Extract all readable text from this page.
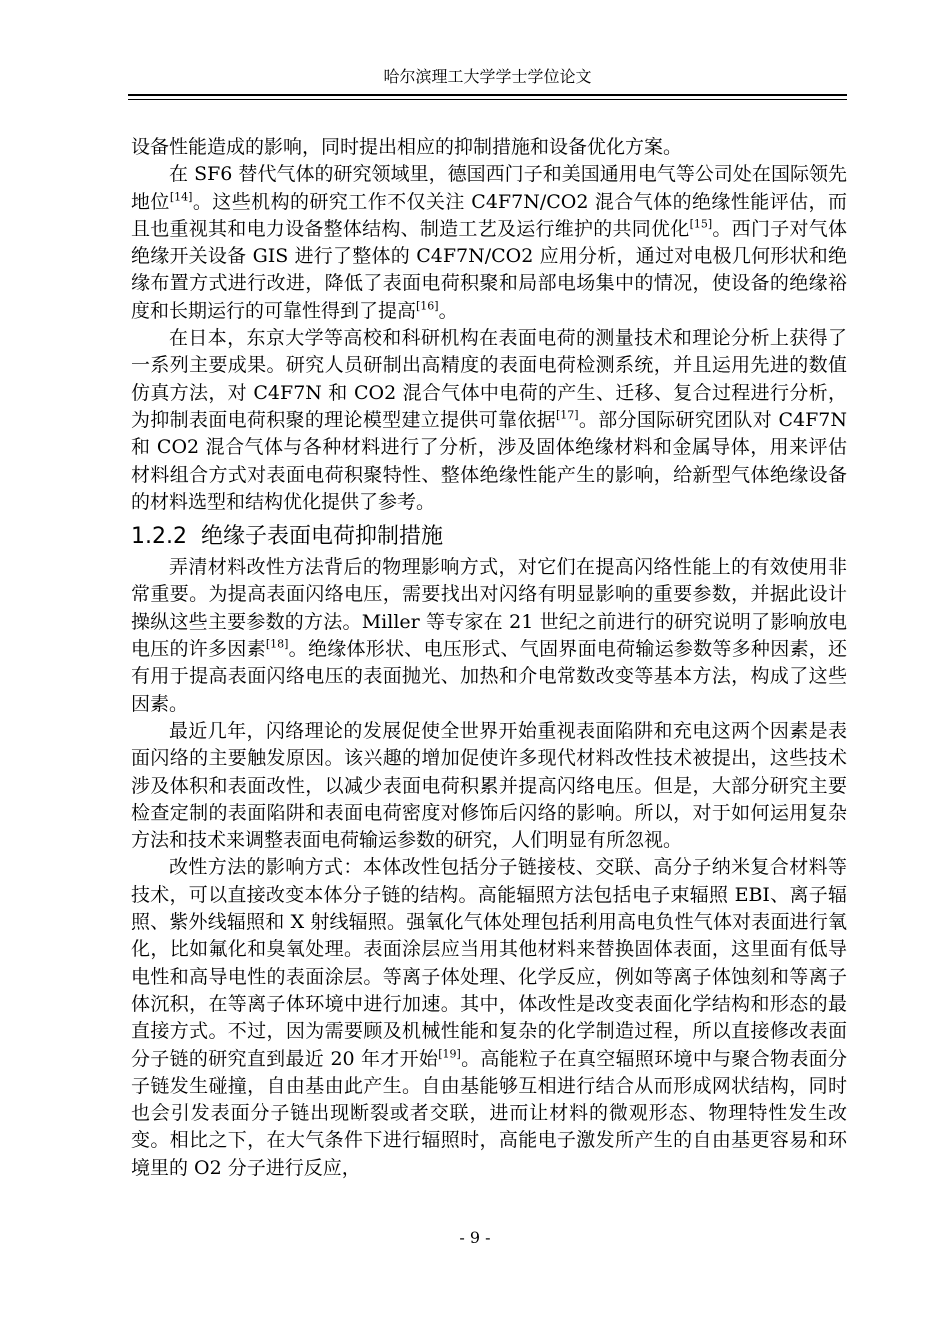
哈尔滨理工大学学士学位论文

设备性能造成的影响，同时提出相应的抑制措施和设备优化方案。

在 SF6 替代气体的研究领域里，德国西门子和美国通用电气等公司处在国际领先地位[14]。这些机构的研究工作不仅关注 C4F7N/CO2 混合气体的绝缘性能评估，而且也重视其和电力设备整体结构、制造工艺及运行维护的共同优化[15]。西门子对气体绝缘开关设备 GIS 进行了整体的 C4F7N/CO2 应用分析，通过对电极几何形状和绝缘布置方式进行改进，降低了表面电荷积聚和局部电场集中的情况，使设备的绝缘裕度和长期运行的可靠性得到了提高[16]。

在日本，东京大学等高校和科研机构在表面电荷的测量技术和理论分析上获得了一系列主要成果。研究人员研制出高精度的表面电荷检测系统，并且运用先进的数值仿真方法，对 C4F7N 和 CO2 混合气体中电荷的产生、迁移、复合过程进行分析，为抑制表面电荷积聚的理论模型建立提供可靠依据[17]。部分国际研究团队对 C4F7N 和 CO2 混合气体与各种材料进行了分析，涉及固体绝缘材料和金属导体，用来评估材料组合方式对表面电荷积聚特性、整体绝缘性能产生的影响，给新型气体绝缘设备的材料选型和结构优化提供了参考。

1.2.2 绝缘子表面电荷抑制措施

弄清材料改性方法背后的物理影响方式，对它们在提高闪络性能上的有效使用非常重要。为提高表面闪络电压，需要找出对闪络有明显影响的重要参数，并据此设计操纵这些主要参数的方法。Miller 等专家在 21 世纪之前进行的研究说明了影响放电电压的许多因素[18]。绝缘体形状、电压形式、气固界面电荷输运参数等多种因素，还有用于提高表面闪络电压的表面抛光、加热和介电常数改变等基本方法，构成了这些因素。

最近几年，闪络理论的发展促使全世界开始重视表面陷阱和充电这两个因素是表面闪络的主要触发原因。该兴趣的增加促使许多现代材料改性技术被提出，这些技术涉及体积和表面改性，以减少表面电荷积累并提高闪络电压。但是，大部分研究主要检查定制的表面陷阱和表面电荷密度对修饰后闪络的影响。所以，对于如何运用复杂方法和技术来调整表面电荷输运参数的研究，人们明显有所忽视。

改性方法的影响方式：本体改性包括分子链接枝、交联、高分子纳米复合材料等技术，可以直接改变本体分子链的结构。高能辐照方法包括电子束辐照 EBI、离子辐照、紫外线辐照和 X 射线辐照。强氧化气体处理包括利用高电负性气体对表面进行氧化，比如氟化和臭氧处理。表面涂层应当用其他材料来替换固体表面，这里面有低导电性和高导电性的表面涂层。等离子体处理、化学反应，例如等离子体蚀刻和等离子体沉积，在等离子体环境中进行加速。其中，体改性是改变表面化学结构和形态的最直接方式。不过，因为需要顾及机械性能和复杂的化学制造过程，所以直接修改表面分子链的研究直到最近 20 年才开始[19]。高能粒子在真空辐照环境中与聚合物表面分子链发生碰撞，自由基由此产生。自由基能够互相进行结合从而形成网状结构，同时也会引发表面分子链出现断裂或者交联，进而让材料的微观形态、物理特性发生改变。相比之下，在大气条件下进行辐照时，高能电子激发所产生的自由基更容易和环境里的 O2 分子进行反应，

- 9 -
